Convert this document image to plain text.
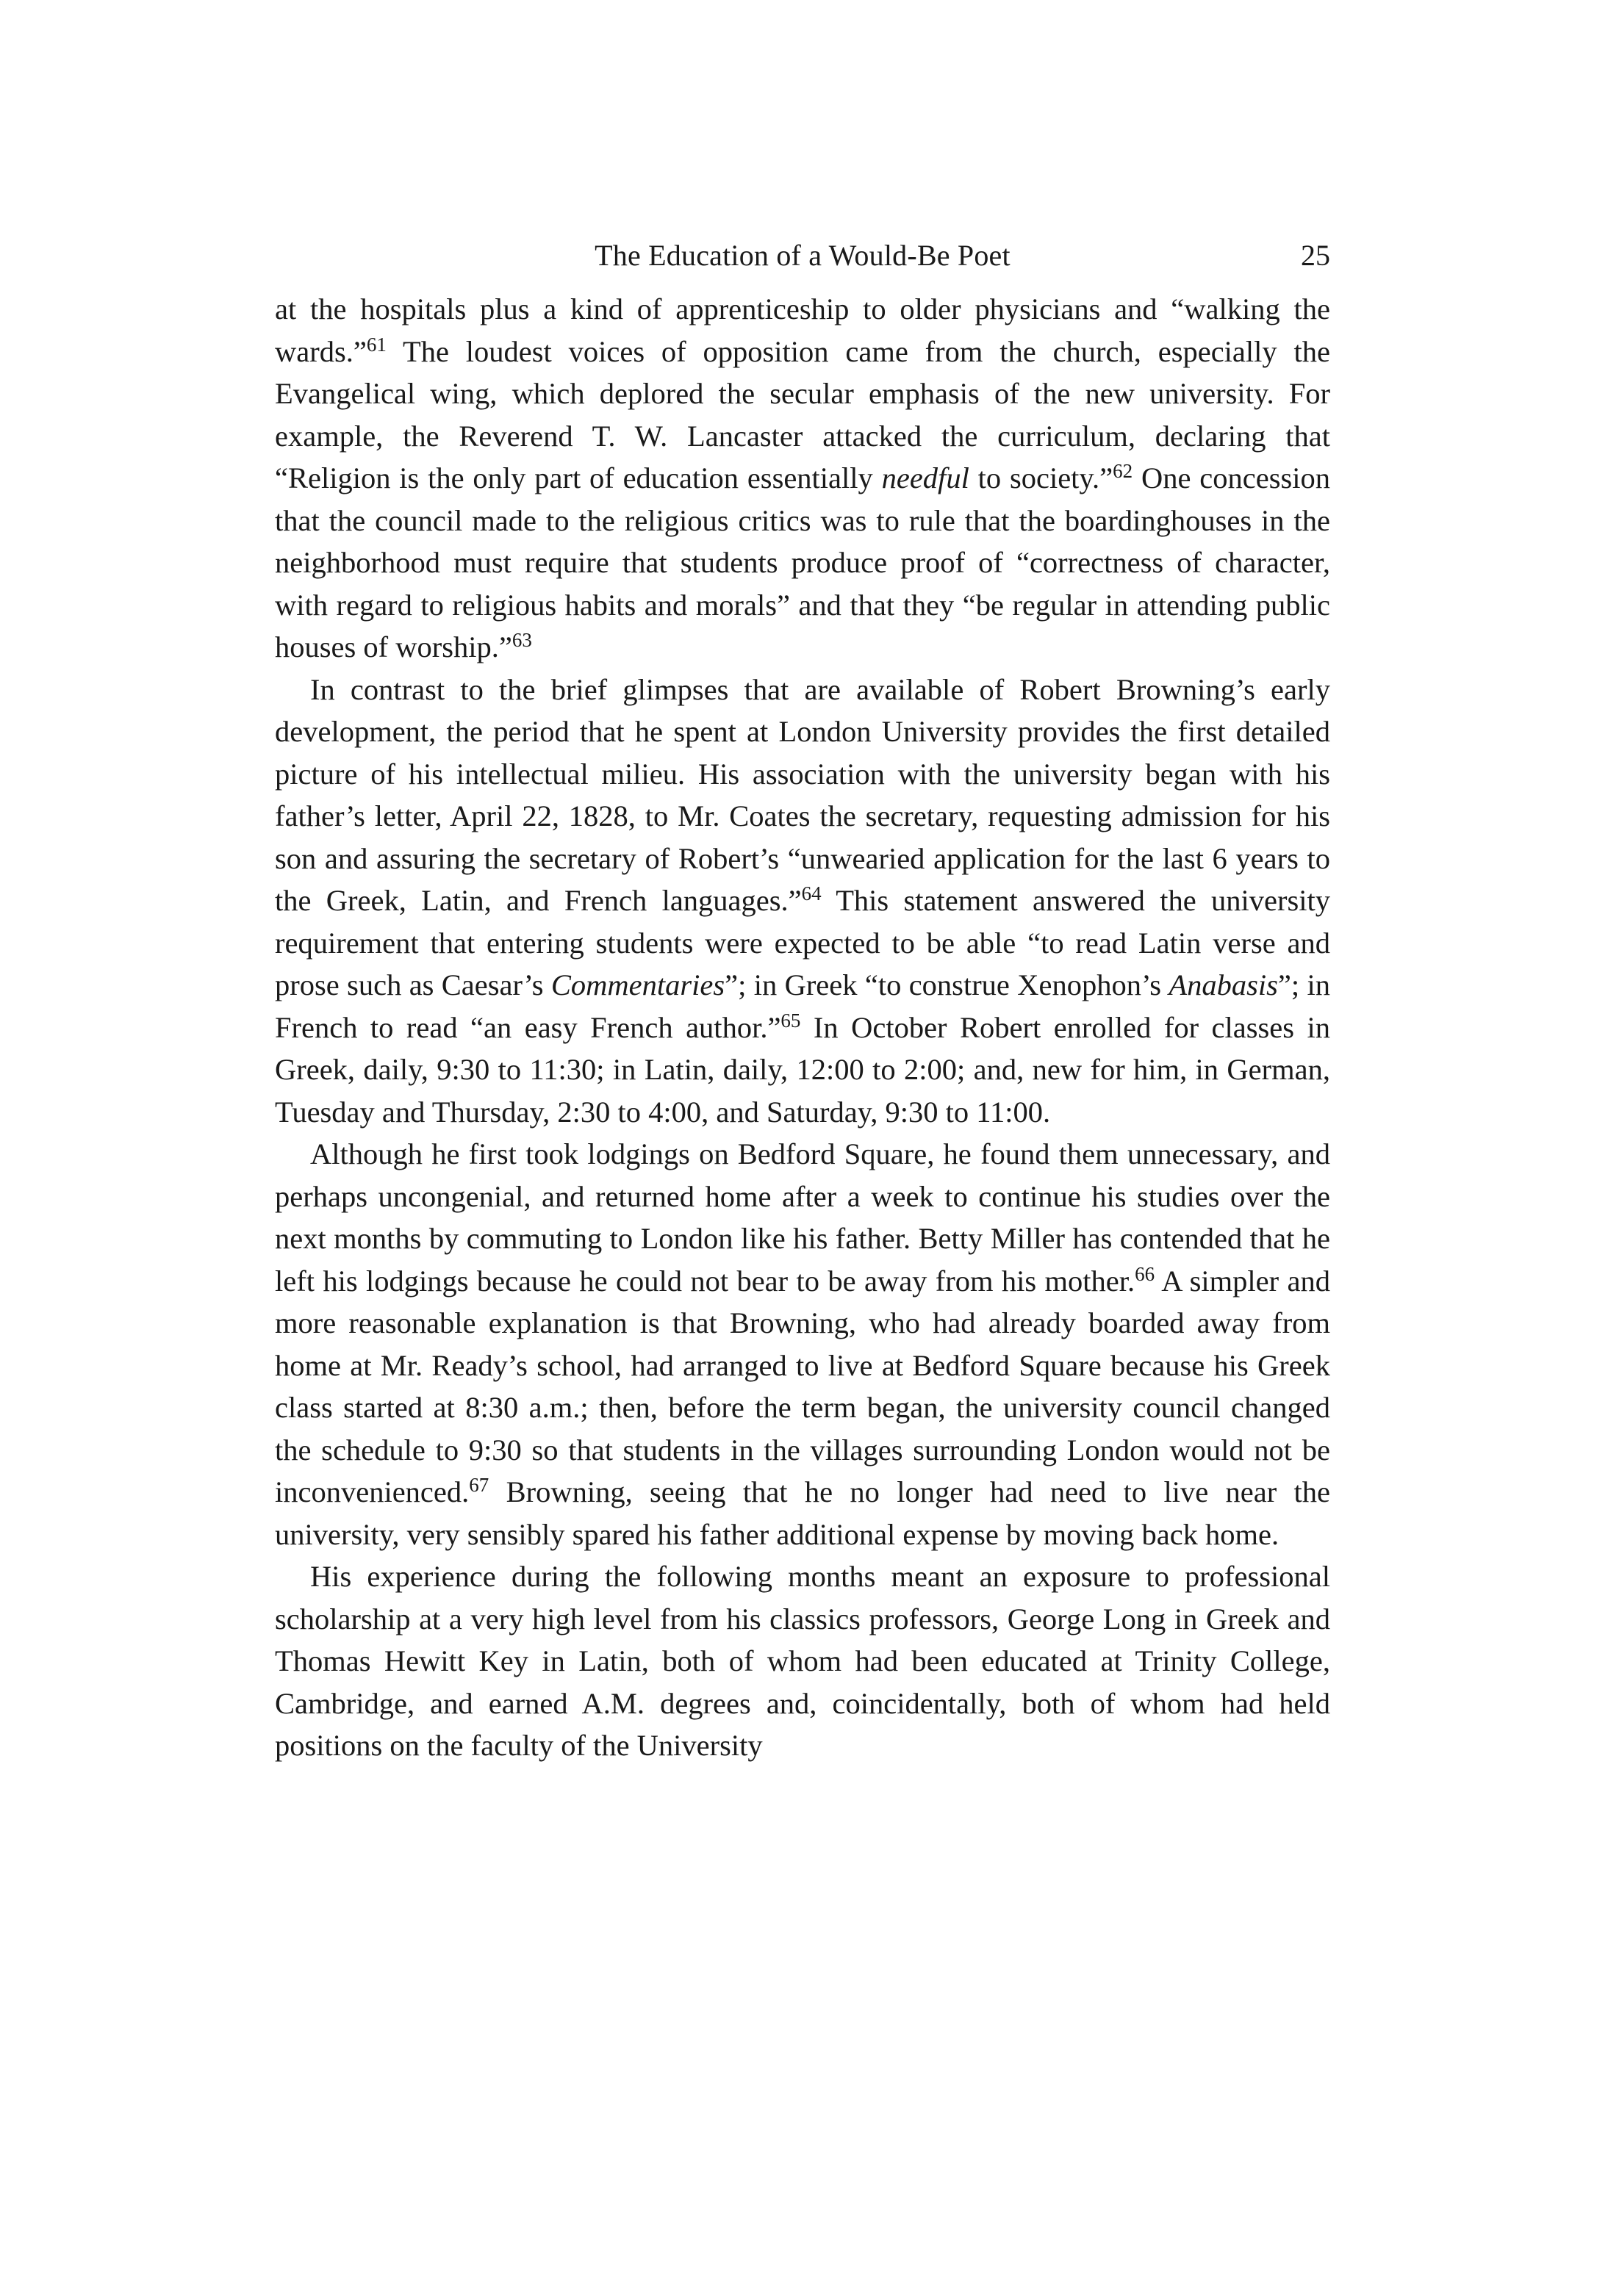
The Education of a Would-Be Poet	25

at the hospitals plus a kind of apprenticeship to older physicians and “walking the wards.”$^{61}$ The loudest voices of opposition came from the church, especially the Evangelical wing, which deplored the secular emphasis of the new university. For example, the Reverend T. W. Lancaster attacked the curriculum, declaring that “Religion is the only part of education essentially needful to society.”$^{62}$ One concession that the council made to the religious critics was to rule that the boardinghouses in the neighborhood must require that students produce proof of “correctness of character, with regard to religious habits and morals” and that they “be regular in attending public houses of worship.”$^{63}$

In contrast to the brief glimpses that are available of Robert Browning’s early development, the period that he spent at London University provides the first detailed picture of his intellectual milieu. His association with the university began with his father’s letter, April 22, 1828, to Mr. Coates the secretary, requesting admission for his son and assuring the secretary of Robert’s “unwearied application for the last 6 years to the Greek, Latin, and French languages.”$^{64}$ This statement answered the university requirement that entering students were expected to be able “to read Latin verse and prose such as Caesar’s Commentaries”; in Greek “to construe Xenophon’s Anabasis”; in French to read “an easy French author.”$^{65}$ In October Robert enrolled for classes in Greek, daily, 9:30 to 11:30; in Latin, daily, 12:00 to 2:00; and, new for him, in German, Tuesday and Thursday, 2:30 to 4:00, and Saturday, 9:30 to 11:00.

Although he first took lodgings on Bedford Square, he found them unnecessary, and perhaps uncongenial, and returned home after a week to continue his studies over the next months by commuting to London like his father. Betty Miller has contended that he left his lodgings because he could not bear to be away from his mother.$^{66}$ A simpler and more reasonable explanation is that Browning, who had already boarded away from home at Mr. Ready’s school, had arranged to live at Bedford Square because his Greek class started at 8:30 a.m.; then, before the term began, the university council changed the schedule to 9:30 so that students in the villages surrounding London would not be inconvenienced.$^{67}$ Browning, seeing that he no longer had need to live near the university, very sensibly spared his father additional expense by moving back home.

His experience during the following months meant an exposure to professional scholarship at a very high level from his classics professors, George Long in Greek and Thomas Hewitt Key in Latin, both of whom had been educated at Trinity College, Cambridge, and earned A.M. degrees and, coincidentally, both of whom had held positions on the faculty of the University
